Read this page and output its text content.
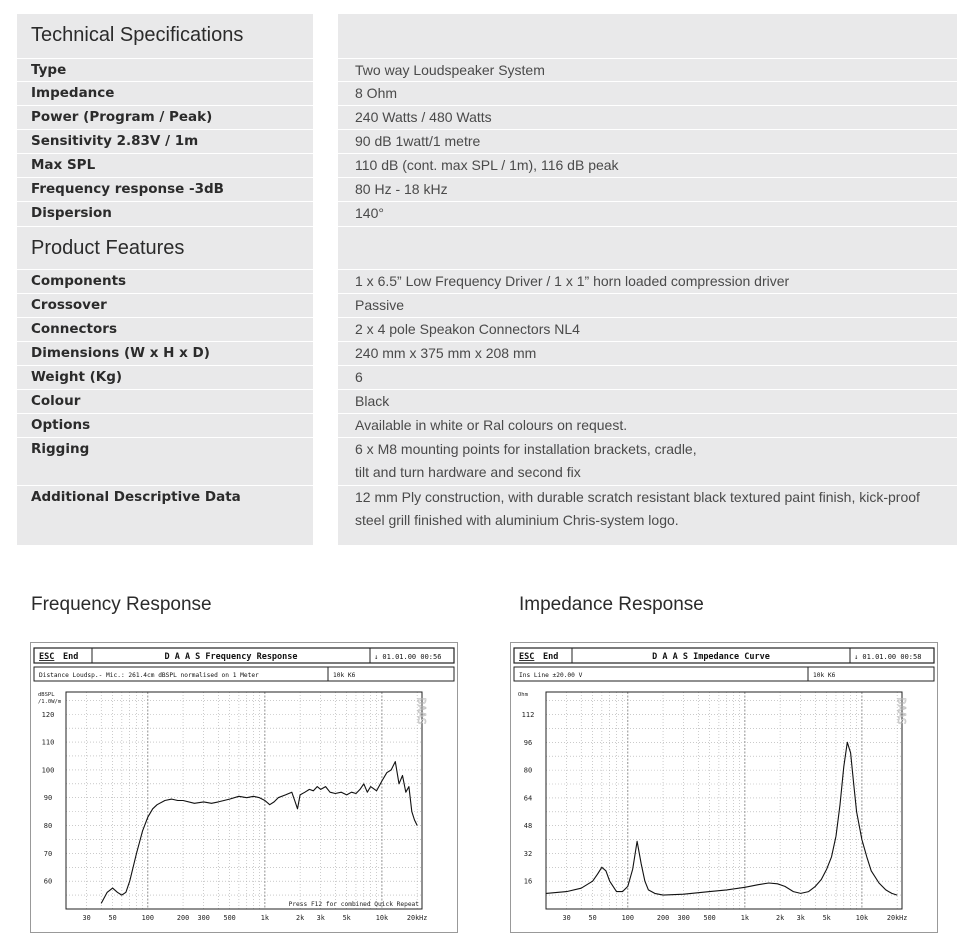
Technical Specifications
Type	Two way Loudspeaker System
Impedance	8 Ohm
Power (Program / Peak)	240 Watts / 480 Watts
Sensitivity 2.83V / 1m	90 dB 1watt/1 metre
Max SPL	110 dB (cont. max SPL / 1m), 116 dB peak
Frequency response -3dB	80 Hz - 18 kHz
Dispersion	140°
Product Features
Components	1 x 6.5” Low Frequency Driver / 1 x 1” horn loaded compression driver
Crossover	Passive
Connectors	2 x 4 pole Speakon Connectors NL4
Dimensions (W x H x D)	240 mm x 375 mm x 208 mm
Weight (Kg)	6
Colour	Black
Options	Available in white or Ral colours on request.
Rigging	6 x M8 mounting points for installation brackets, cradle,
tilt and turn hardware and second fix
Additional Descriptive Data	12 mm Ply construction, with durable scratch resistant black textured paint finish, kick-proof
steel grill finished with aluminium Chris-system logo.
Frequency Response	Impedance Response
ESC End	D A A S Frequency Response	↓ 01.01.00 00:56
Distance Loudsp.- Mic.: 261.4cm dBSPL normalised on 1 Meter	10k K6
120
110
100
90
80
70
60
dBSPL
/1.0W/m
30	50	100	200 300 500	1k	2k 3k	5k	10k	20kHz
DAAS
Press F12 for combined Quick Repeat
ESC End	D A A S Impedance Curve	↓ 01.01.00 00:58
Ins Line ±20.00 V	10k K6
112
96
80
64
48
32
16
Ohm
30	50	100	200 300 500	1k	2k 3k	5k	10k	20kHz
DAAS
